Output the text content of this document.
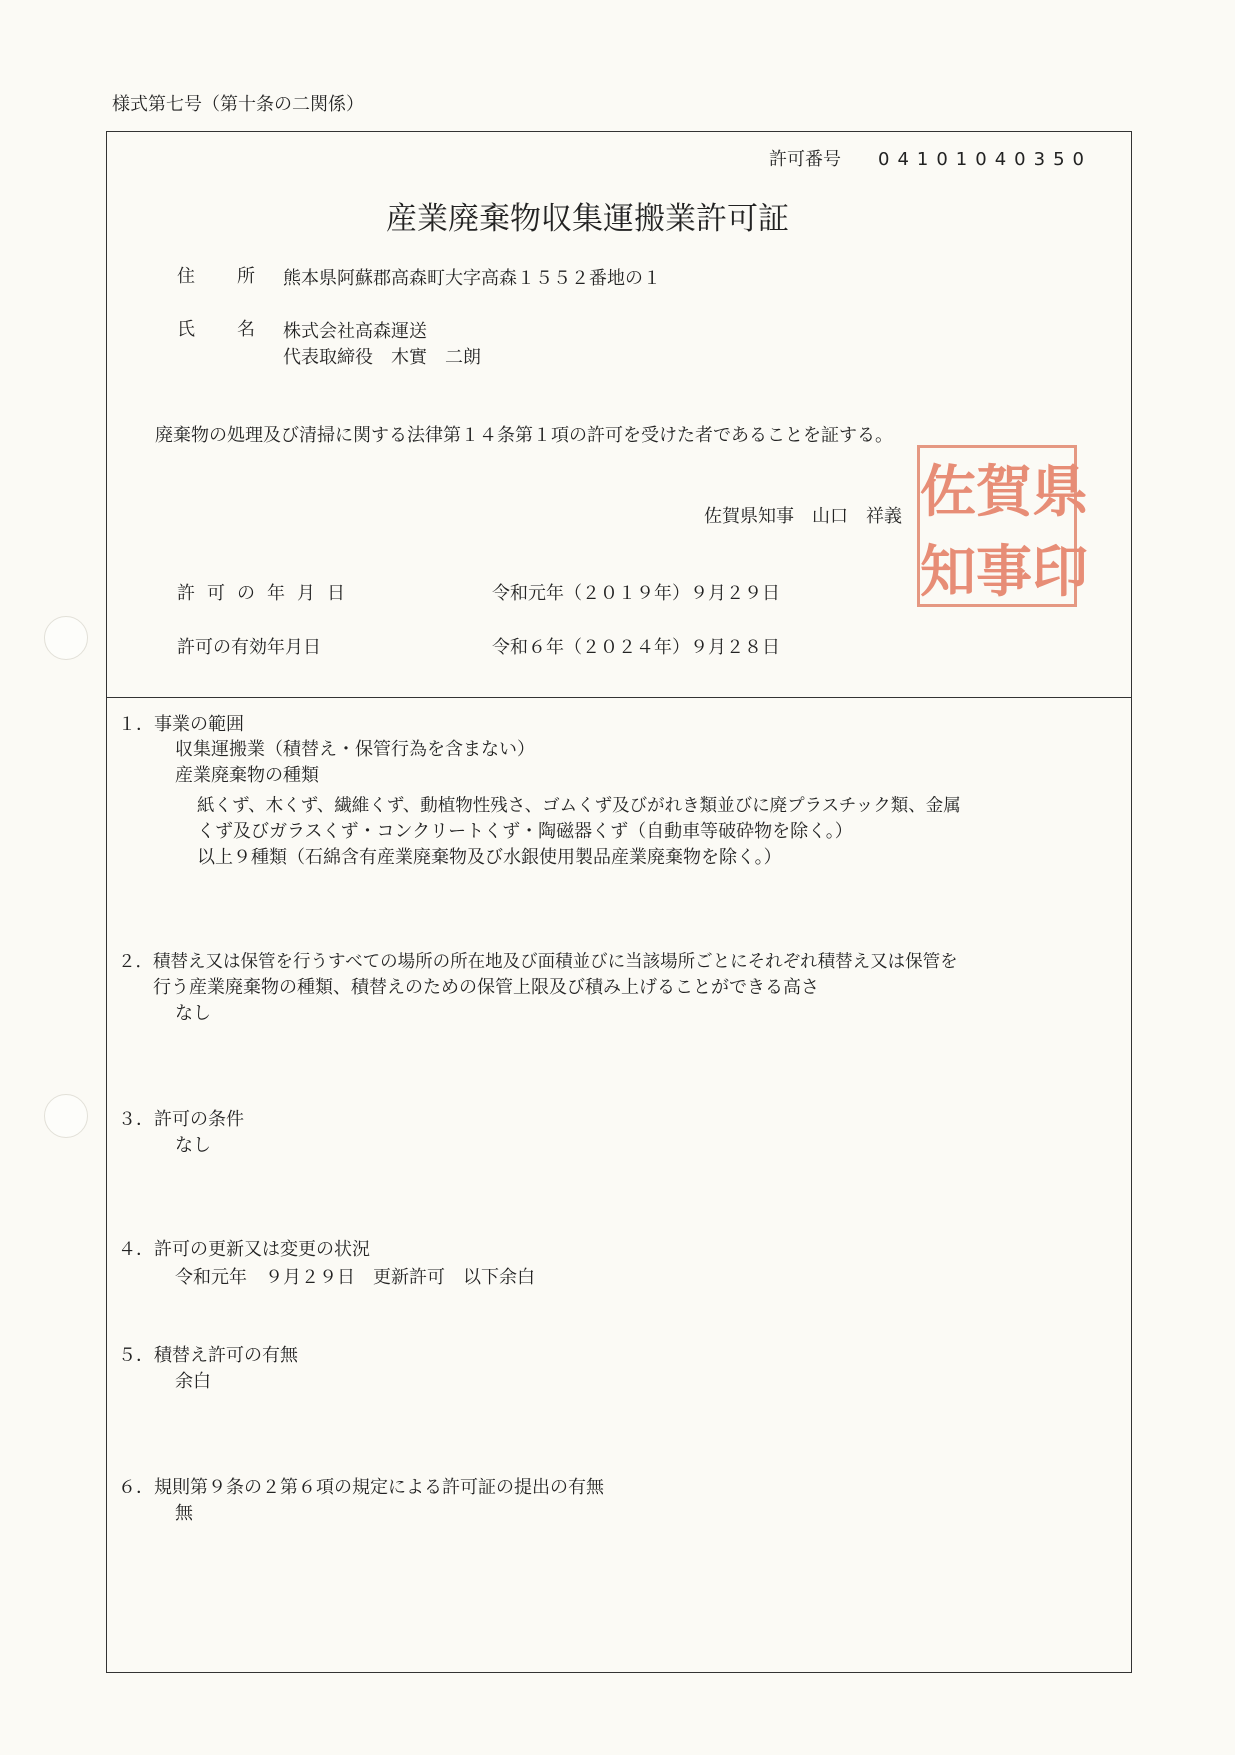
様式第七号（第十条の二関係）
許可番号 04101040350
産業廃棄物収集運搬業許可証
住　所 熊本県阿蘇郡高森町大字高森１５５２番地の１
氏　名 株式会社高森運送
代表取締役　木實　二朗
廃棄物の処理及び清掃に関する法律第１４条第１項の許可を受けた者であることを証する。
佐賀県知事　山口　祥義 佐 賀 県
知 事 印
許可の年月日	令和元年（２０１９年）９月２９日
許可の有効年月日	令和６年（２０２４年）９月２８日
１．事業の範囲
収集運搬業（積替え・保管行為を含まない）
産業廃棄物の種類
紙くず、木くず、繊維くず、動植物性残さ、ゴムくず及びがれき類並びに廃プラスチック類、金属
くず及びガラスくず・コンクリートくず・陶磁器くず（自動車等破砕物を除く。）
以上９種類（石綿含有産業廃棄物及び水銀使用製品産業廃棄物を除く。）
２．積替え又は保管を行うすべての場所の所在地及び面積並びに当該場所ごとにそれぞれ積替え又は保管を
行う産業廃棄物の種類、積替えのための保管上限及び積み上げることができる高さ
なし
３．許可の条件
なし
４．許可の更新又は変更の状況
令和元年　９月２９日　更新許可　以下余白
５．積替え許可の有無
余白
６．規則第９条の２第６項の規定による許可証の提出の有無
無
